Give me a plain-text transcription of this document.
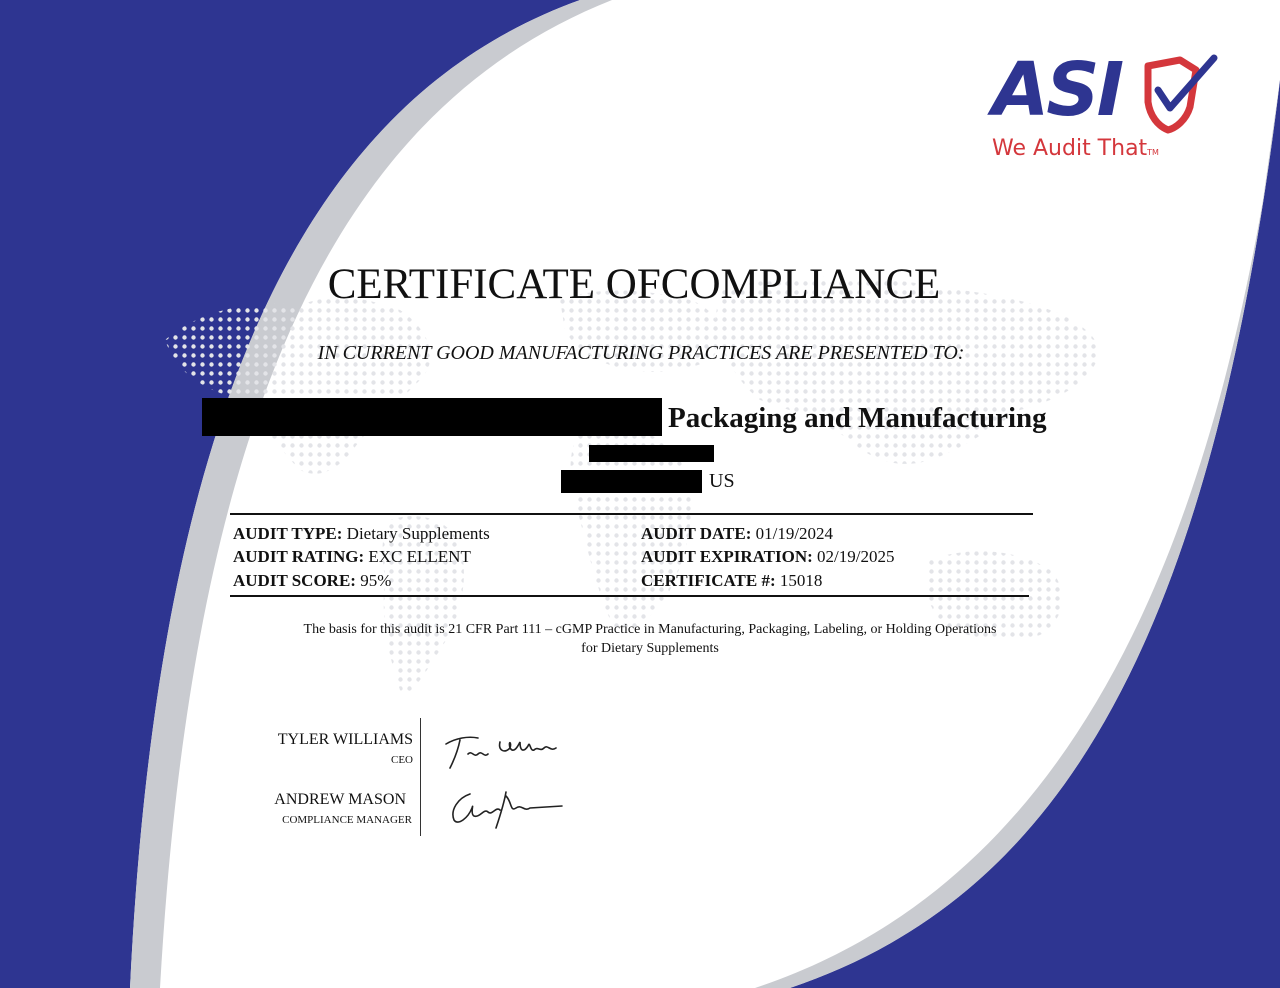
ASI
We Audit That™
CERTIFICATE OFCOMPLIANCE
IN CURRENT GOOD MANUFACTURING PRACTICES ARE PRESENTED TO:
Packaging and Manufacturing
US
AUDIT TYPE: Dietary Supplements
AUDIT RATING: EXC ELLENT
AUDIT SCORE: 95%
AUDIT DATE: 01/19/2024
AUDIT EXPIRATION: 02/19/2025
CERTIFICATE #: 15018
The basis for this audit is 21 CFR Part 111 – cGMP Practice in Manufacturing, Packaging, Labeling, or Holding Operations
for Dietary Supplements
TYLER WILLIAMS
CEO
ANDREW MASON
COMPLIANCE MANAGER
